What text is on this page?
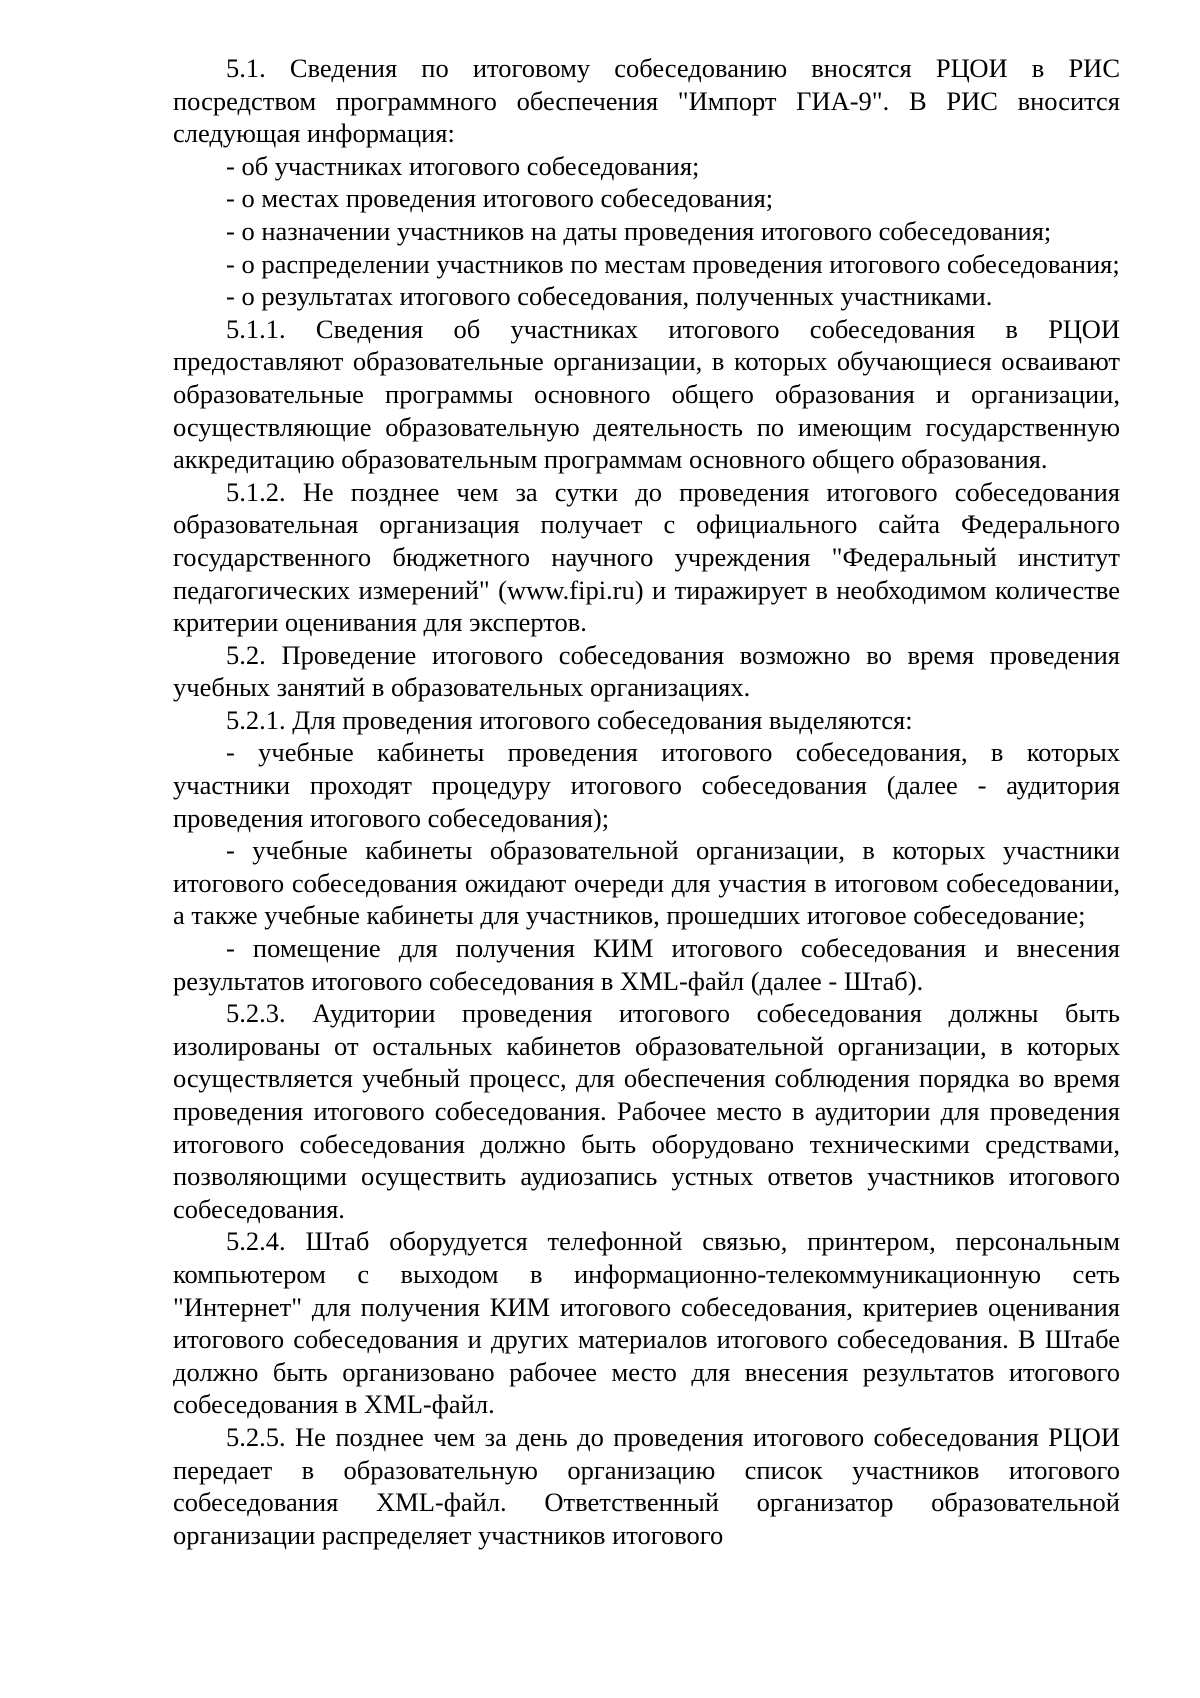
5.1. Сведения по итоговому собеседованию вносятся РЦОИ в РИС посредством программного обеспечения "Импорт ГИА-9". В РИС вносится следующая информация:

- об участниках итогового собеседования;

- о местах проведения итогового собеседования;

- о назначении участников на даты проведения итогового собеседования;

- о распределении участников по местам проведения итогового собеседования;

- о результатах итогового собеседования, полученных участниками.

5.1.1. Сведения об участниках итогового собеседования в РЦОИ предоставляют образовательные организации, в которых обучающиеся осваивают образовательные программы основного общего образования и организации, осуществляющие образовательную деятельность по имеющим государственную аккредитацию образовательным программам основного общего образования.

5.1.2. Не позднее чем за сутки до проведения итогового собеседования образовательная организация получает с официального сайта Федерального государственного бюджетного научного учреждения "Федеральный институт педагогических измерений" (www.fipi.ru) и тиражирует в необходимом количестве критерии оценивания для экспертов.

5.2. Проведение итогового собеседования возможно во время проведения учебных занятий в образовательных организациях.

5.2.1. Для проведения итогового собеседования выделяются:

- учебные кабинеты проведения итогового собеседования, в которых участники проходят процедуру итогового собеседования (далее - аудитория проведения итогового собеседования);

- учебные кабинеты образовательной организации, в которых участники итогового собеседования ожидают очереди для участия в итоговом собеседовании, а также учебные кабинеты для участников, прошедших итоговое собеседование;

- помещение для получения КИМ итогового собеседования и внесения результатов итогового собеседования в XML-файл (далее - Штаб).

5.2.3. Аудитории проведения итогового собеседования должны быть изолированы от остальных кабинетов образовательной организации, в которых осуществляется учебный процесс, для обеспечения соблюдения порядка во время проведения итогового собеседования. Рабочее место в аудитории для проведения итогового собеседования должно быть оборудовано техническими средствами, позволяющими осуществить аудиозапись устных ответов участников итогового собеседования.

5.2.4. Штаб оборудуется телефонной связью, принтером, персональным компьютером с выходом в информационно-телекоммуникационную сеть "Интернет" для получения КИМ итогового собеседования, критериев оценивания итогового собеседования и других материалов итогового собеседования. В Штабе должно быть организовано рабочее место для внесения результатов итогового собеседования в XML-файл.

5.2.5. Не позднее чем за день до проведения итогового собеседования РЦОИ передает в образовательную организацию список участников итогового собеседования XML-файл. Ответственный организатор образовательной организации распределяет участников итогового
